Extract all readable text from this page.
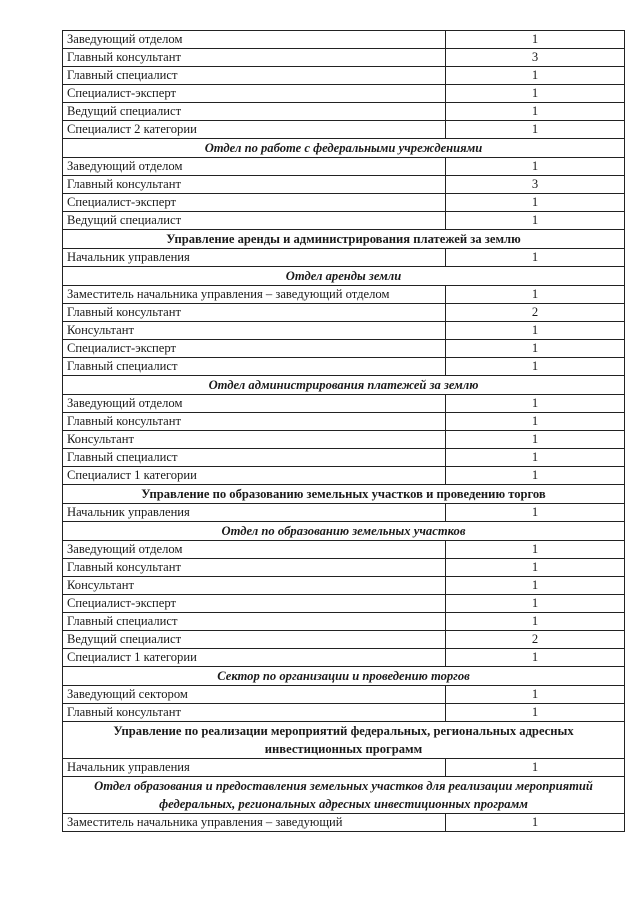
Заведующий отделом	1
Главный консультант	3
Главный специалист	1
Специалист-эксперт	1
Ведущий специалист	1
Специалист 2 категории	1
Отдел по работе с федеральными учреждениями	
Заведующий отделом	1
Главный консультант	3
Специалист-эксперт	1
Ведущий специалист	1
Управление аренды и администрирования платежей за землю	
Начальник управления	1
Отдел аренды земли	
Заместитель начальника управления – заведующий отделом	1
Главный консультант	2
Консультант	1
Специалист-эксперт	1
Главный специалист	1
Отдел администрирования платежей за землю	
Заведующий отделом	1
Главный консультант	1
Консультант	1
Главный специалист	1
Специалист 1 категории	1
Управление по образованию земельных участков и проведению торгов	
Начальник управления	1
Отдел по образованию земельных участков	
Заведующий отделом	1
Главный консультант	1
Консультант	1
Специалист-эксперт	1
Главный специалист	1
Ведущий специалист	2
Специалист 1 категории	1
Сектор по организации и проведению торгов	
Заведующий сектором	1
Главный консультант	1
Управление по реализации мероприятий федеральных, региональных адресных инвестиционных программ	
Начальник управления	1
Отдел образования и предоставления земельных участков для реализации мероприятий федеральных, региональных адресных инвестиционных программ	
Заместитель начальника управления – заведующий	1
